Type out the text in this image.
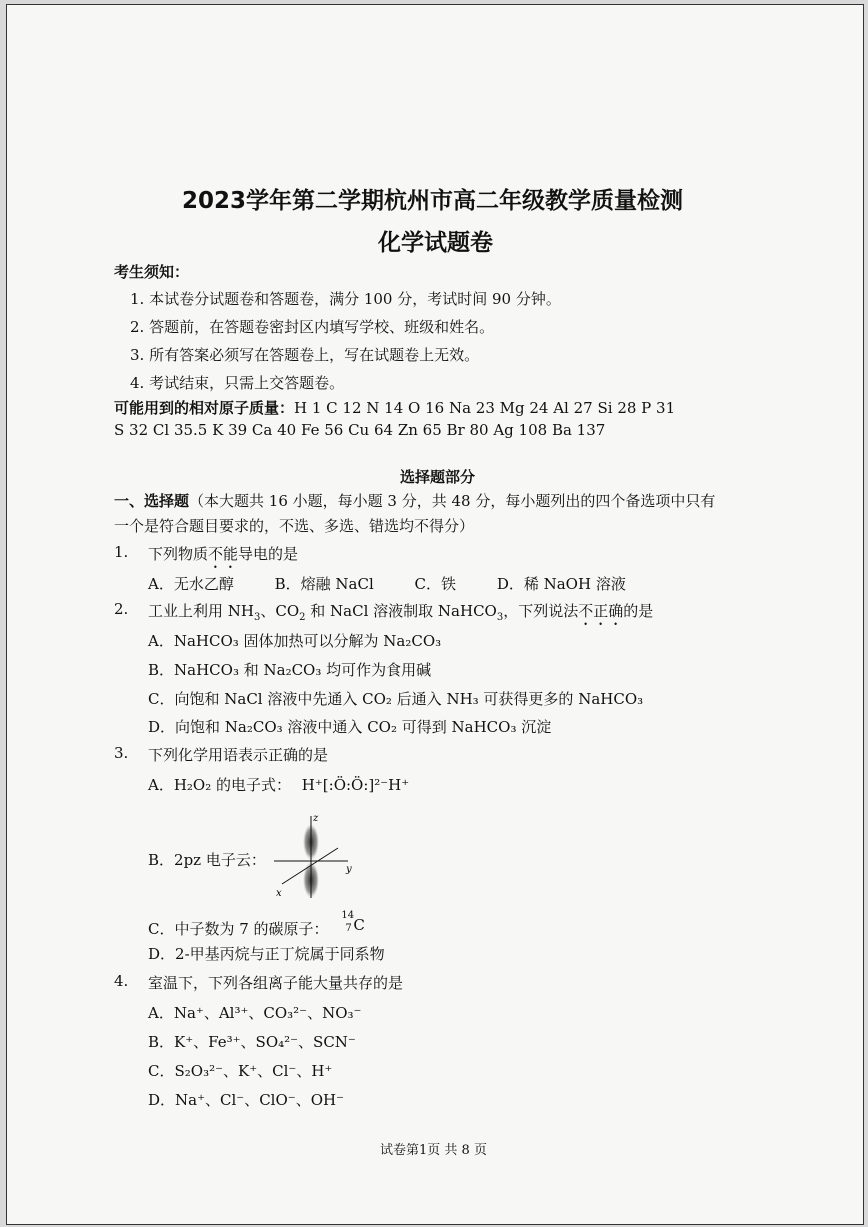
2023学年第二学期杭州市高二年级教学质量检测
化学试题卷
考生须知：
1. 本试卷分试题卷和答题卷，满分 100 分，考试时间 90 分钟。
2. 答题前，在答题卷密封区内填写学校、班级和姓名。
3. 所有答案必须写在答题卷上，写在试题卷上无效。
4. 考试结束，只需上交答题卷。
可能用到的相对原子质量：H 1 C 12 N 14 O 16 Na 23 Mg 24 Al 27 Si 28 P 31
S 32 Cl 35.5 K 39 Ca 40 Fe 56 Cu 64 Zn 65 Br 80 Ag 108 Ba 137
选择题部分
一、选择题（本大题共 16 小题，每小题 3 分，共 48 分，每小题列出的四个备选项中只有
一个是符合题目要求的，不选、多选、错选均不得分）
1. 下列物质不能导电的是
A．无水乙醇	B．熔融 NaCl	C．铁	D．稀 NaOH 溶液
2. 工业上利用 $NH_3$、$CO_2$ 和 NaCl 溶液制取 NaHCO$_3$，下列说法不正确的是
A．NaHCO₃ 固体加热可以分解为 Na₂CO₃
B．NaHCO₃ 和 Na₂CO₃ 均可作为食用碱
C．向饱和 NaCl 溶液中先通入 CO₂ 后通入 NH₃ 可获得更多的 NaHCO₃
D．向饱和 Na₂CO₃ 溶液中通入 CO₂ 可得到 NaHCO₃ 沉淀
3. 下列化学用语表示正确的是
A．H₂O₂ 的电子式： H⁺[:Ö:Ö:]²⁻H⁺
B．2pz 电子云：
z
y
x
C．中子数为 7 的碳原子：
14
7 C
D．2-甲基丙烷与正丁烷属于同系物
4. 室温下，下列各组离子能大量共存的是
A．Na⁺、Al³⁺、CO₃²⁻、NO₃⁻
B．K⁺、Fe³⁺、SO₄²⁻、SCN⁻
C．S₂O₃²⁻、K⁺、Cl⁻、H⁺
D．Na⁺、Cl⁻、ClO⁻、OH⁻
试卷第1页 共 8 页
